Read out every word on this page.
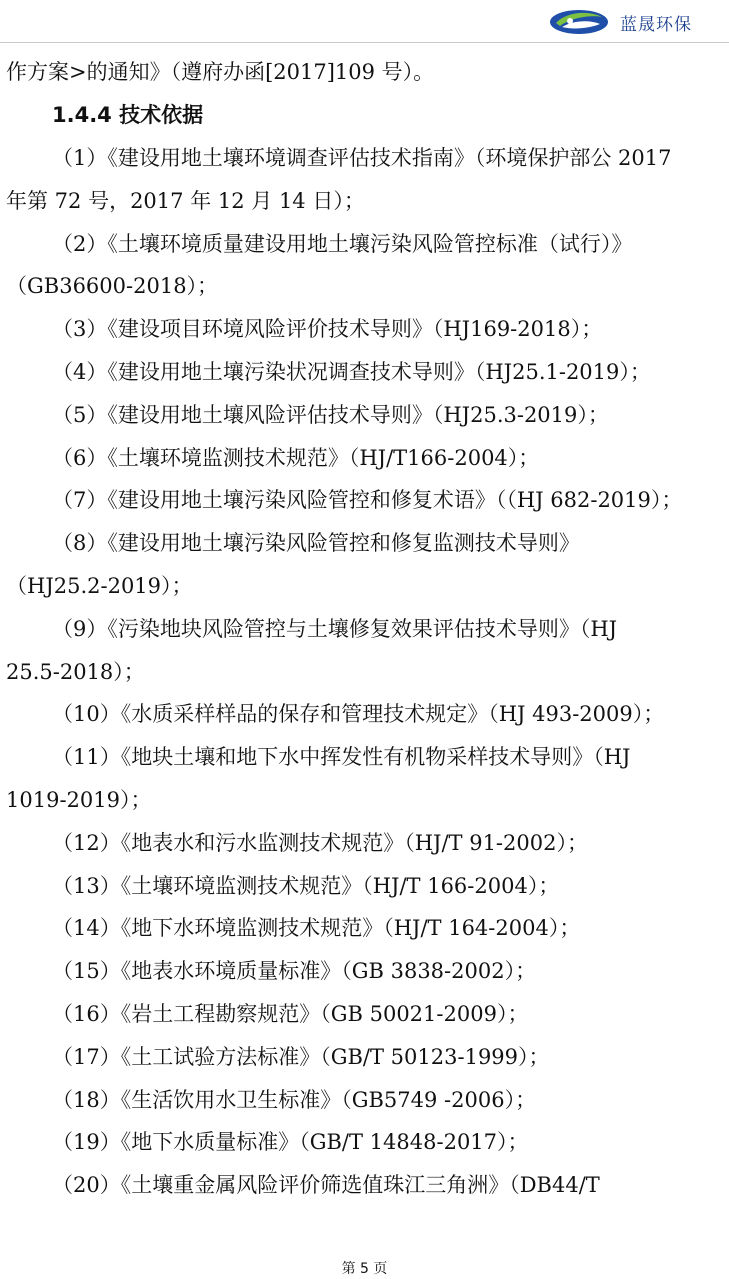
蓝晟环保
作方案>的通知》（遵府办函[2017]109 号）。
1.4.4 技术依据
（1）《建设用地土壤环境调查评估技术指南》（环境保护部公 2017
年第 72 号，2017 年 12 月 14 日）；
（2）《土壤环境质量建设用地土壤污染风险管控标准（试行）》
（GB36600-2018）；
（3）《建设项目环境风险评价技术导则》（HJ169-2018）；
（4）《建设用地土壤污染状况调查技术导则》（HJ25.1-2019）；
（5）《建设用地土壤风险评估技术导则》（HJ25.3-2019）；
（6）《土壤环境监测技术规范》（HJ/T166-2004）；
（7）《建设用地土壤污染风险管控和修复术语》（（HJ 682-2019）；
（8）《建设用地土壤污染风险管控和修复监测技术导则》
（HJ25.2-2019）；
（9）《污染地块风险管控与土壤修复效果评估技术导则》（HJ
25.5-2018）；
（10）《水质采样样品的保存和管理技术规定》（HJ 493-2009）；
（11）《地块土壤和地下水中挥发性有机物采样技术导则》（HJ
1019-2019）；
（12）《地表水和污水监测技术规范》（HJ/T 91-2002）；
（13）《土壤环境监测技术规范》（HJ/T 166-2004）；
（14）《地下水环境监测技术规范》（HJ/T 164-2004）；
（15）《地表水环境质量标准》（GB 3838-2002）；
（16）《岩土工程勘察规范》（GB 50021-2009）；
（17）《土工试验方法标准》（GB/T 50123-1999）；
（18）《生活饮用水卫生标准》（GB5749 -2006）；
（19）《地下水质量标准》（GB/T 14848-2017）；
（20）《土壤重金属风险评价筛选值珠江三角洲》（DB44/T
第 5 页
